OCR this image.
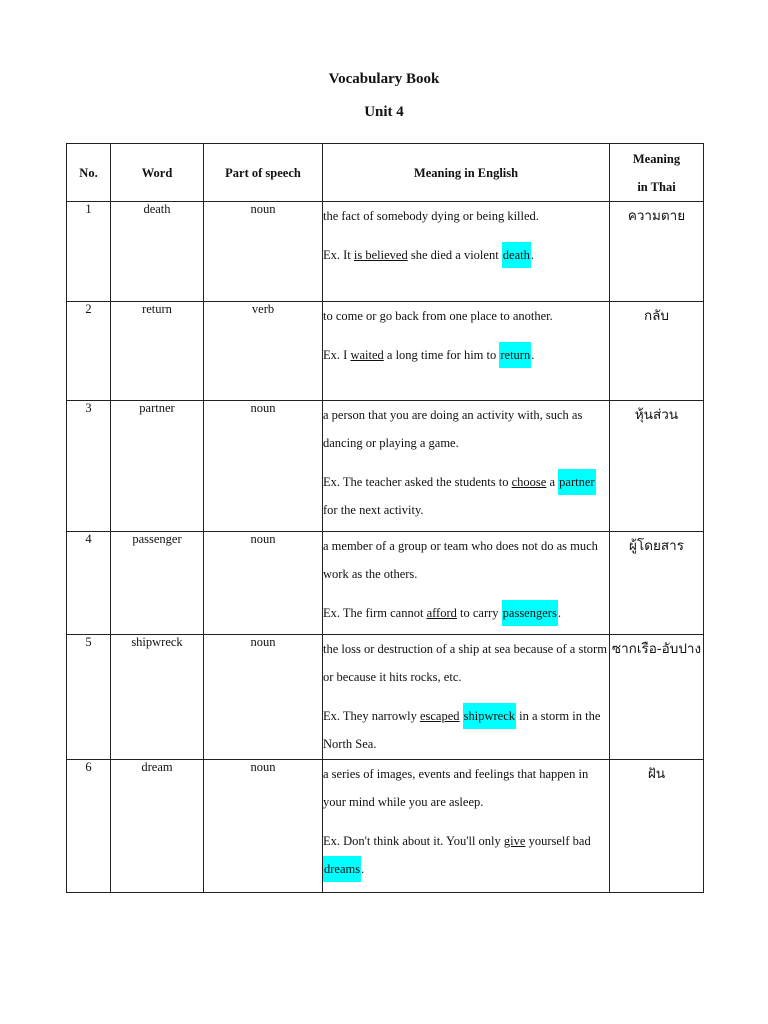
Vocabulary Book
Unit 4
No.	Word	Part of speech	Meaning in English	Meaning
in Thai
1	death	noun	the fact of somebody dying or being killed.
Ex. It is believed she died a violent death.	ความตาย
2	return	verb	to come or go back from one place to another.
Ex. I waited a long time for him to return.	กลับ
3	partner	noun	a person that you are doing an activity with, such as dancing or playing a game.
Ex. The teacher asked the students to choose a partner for the next activity.	หุ้นส่วน
4	passenger	noun	a member of a group or team who does not do as much work as the others.
Ex. The firm cannot afford to carry passengers.	ผู้โดยสาร
5	shipwreck	noun	the loss or destruction of a ship at sea because of a storm or because it hits rocks, etc.
Ex. They narrowly escaped shipwreck in a storm in the North Sea.	ซากเรือ-อับปาง
6	dream	noun	a series of images, events and feelings that happen in your mind while you are asleep.
Ex. Don't think about it. You'll only give yourself bad dreams.	ฝัน
